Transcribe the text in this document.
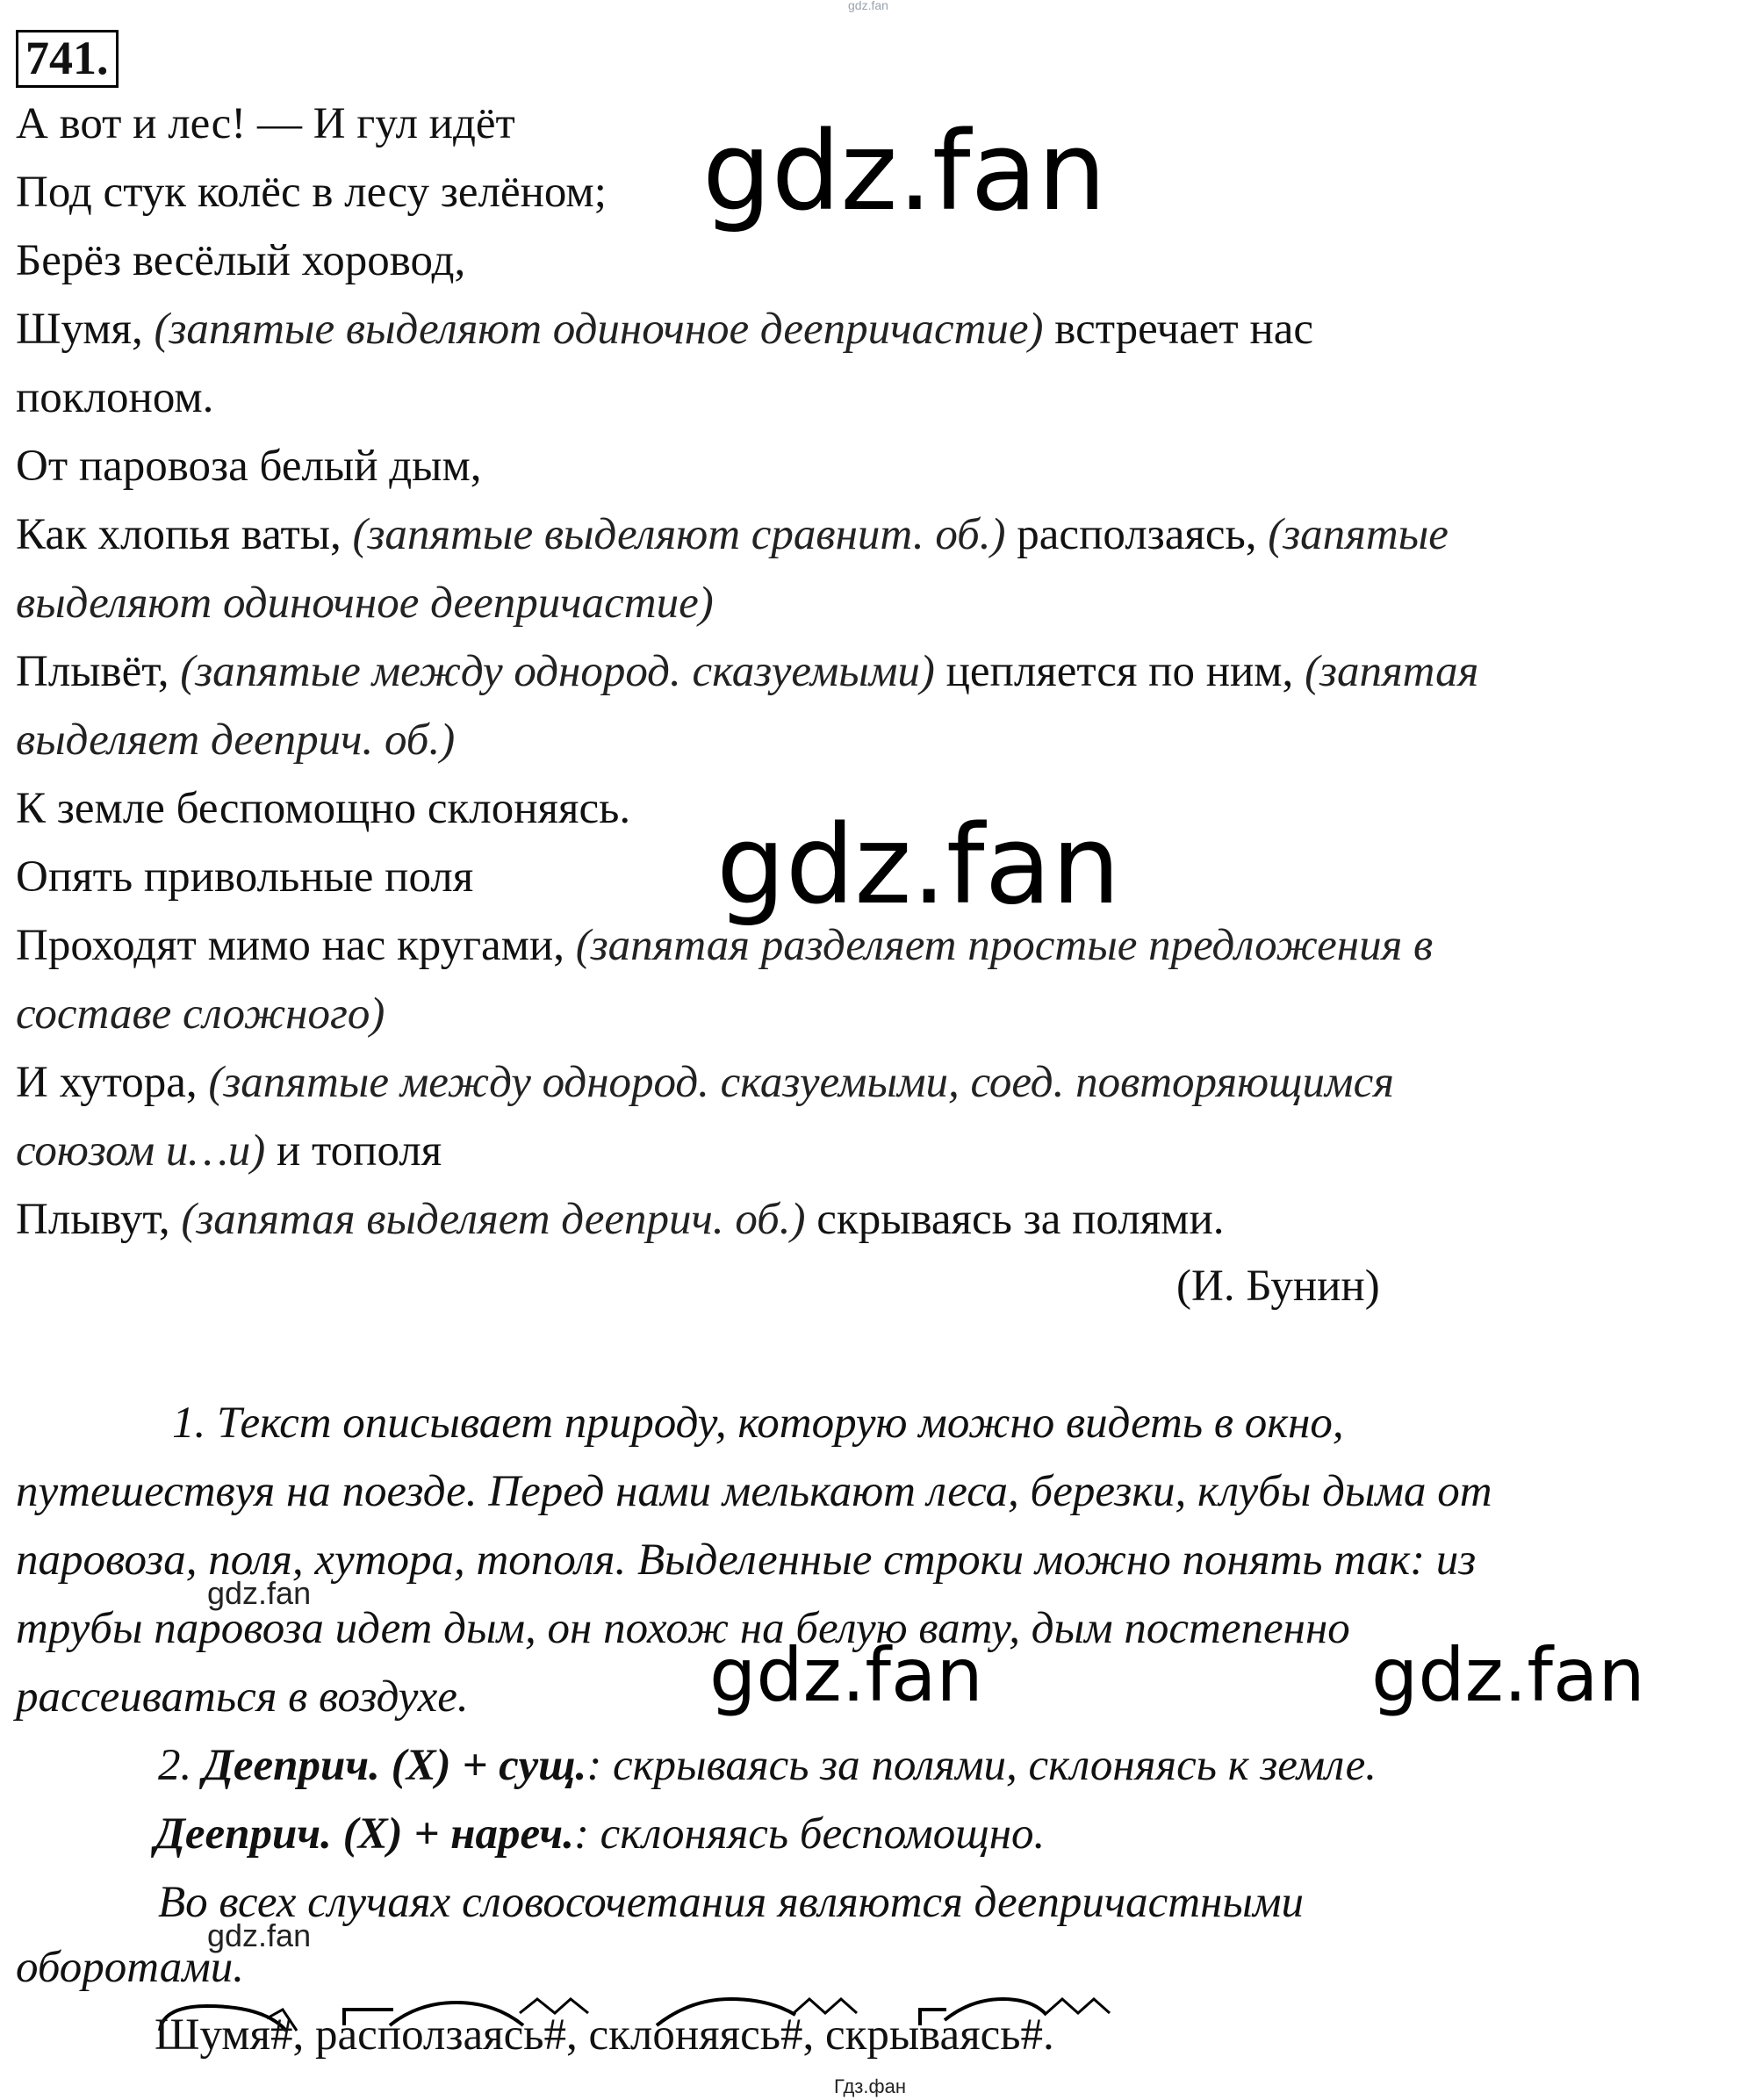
gdz.fan
741.
А вот и лес! — И гул идёт
Под стук колёс в лесу зелёном;
Берёз весёлый хоровод,
Шумя, (запятые выделяют одиночное деепричастие) встречает нас
поклоном.
От паровоза белый дым,
Как хлопья ваты, (запятые выделяют сравнит. об.) расползаясь, (запятые
выделяют одиночное деепричастие)
Плывёт, (запятые между однород. сказуемыми) цепляется по ним, (запятая
выделяет деепрuч. об.)
К земле беспомощно склоняясь.
Опять привольные поля
Проходят мимо нас кругами, (запятая разделяет простые предложения в
составе сложного)
И хутора, (запятые между однород. сказуемыми, соед. повторяющимся
союзом и…и) и тополя
Плывут, (запятая выделяет дееприч. об.) скрываясь за полями.
(И. Бунин)
1. Текст описывает природу, которую можно видеть в окно,
путешествуя на поезде. Перед нами мелькают леса, березки, клубы дыма от
паровоза, поля, хутора, тополя. Выделенные строки можно понять так: из
трубы паровоза идет дым, он похож на белую вату, дым постепенно
рассеиваться в воздухе.
2. Дееприч. (X) + сущ.: скрываясь за полями, склоняясь к земле.
Дееприч. (X) + нареч.: склоняясь беспомощно.
Во всех случаях словосочетания являются деепричастными
оборотами.
Шумя#, расползаясь#, склоняясь#, скрываясь#.
gdz.fan
gdz.fan
gdz.fan	gdz.fan
gdz.fan
gdz.fan
Гдз.фан
